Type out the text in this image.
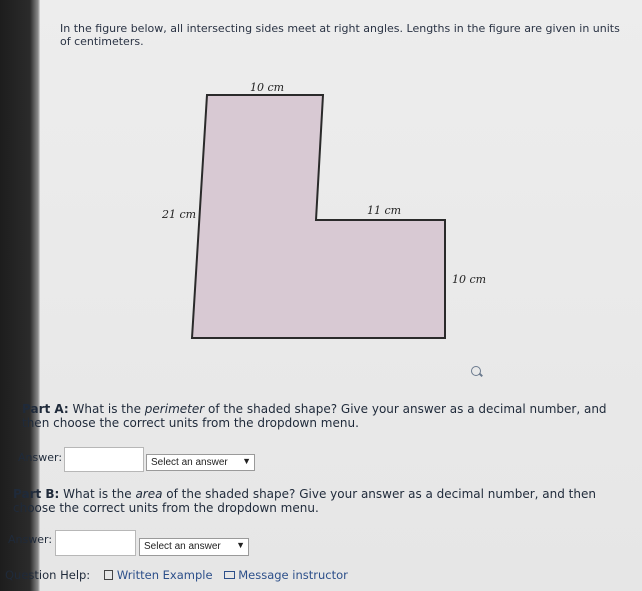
In the figure below, all intersecting sides meet at right angles. Lengths in the figure are given in units of centimeters.
10 cm
21 cm	11 cm
10 cm
Part A: What is the perimeter of the shaded shape? Give your answer as a decimal number, and then choose the correct units from the dropdown menu.
Answer:	Select an answer ▼
Part B: What is the area of the shaded shape? Give your answer as a decimal number, and then choose the correct units from the dropdown menu.
Answer:
Select an answer ▼
Question Help: Written Example Message instructor
